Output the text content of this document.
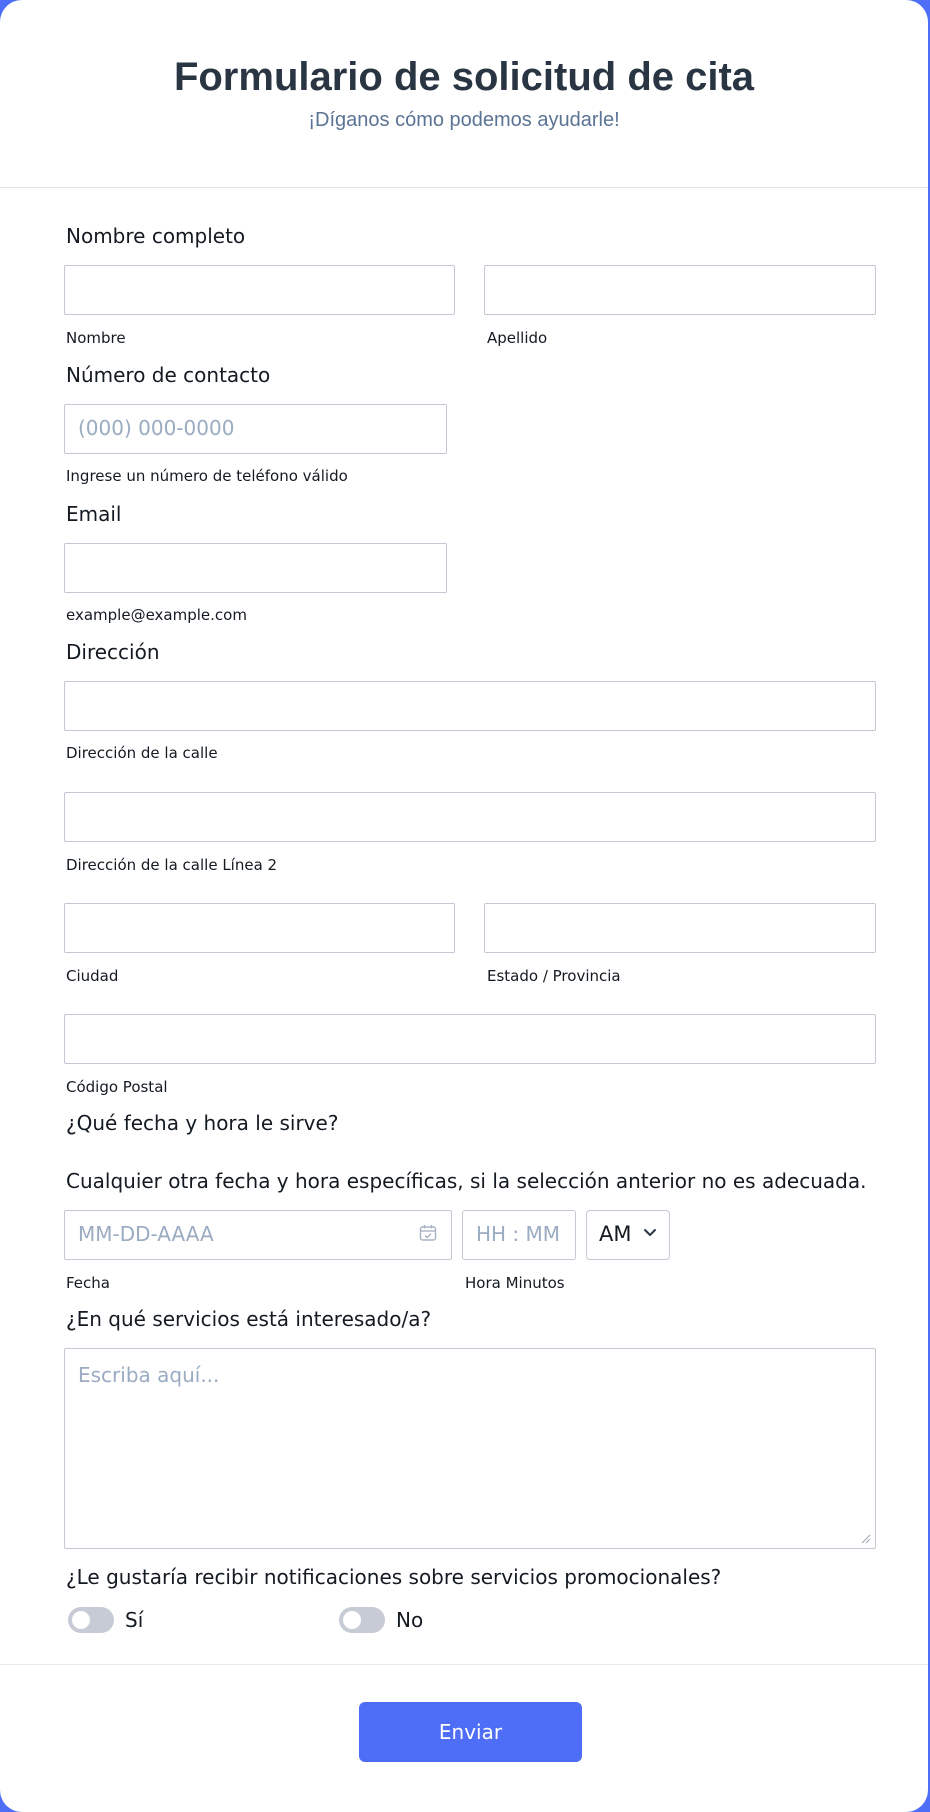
Formulario de solicitud de cita
¡Díganos cómo podemos ayudarle!
Nombre completo
Nombre	Apellido
Número de contacto
(000) 000-0000
Ingrese un número de teléfono válido
Email
example@example.com
Dirección
Dirección de la calle
Dirección de la calle Línea 2
Ciudad	Estado / Provincia
Código Postal
¿Qué fecha y hora le sirve?
Cualquier otra fecha y hora específicas, si la selección anterior no es adecuada.
MM-DD-AAAA	HH : MM AM
Fecha	Hora Minutos
¿En qué servicios está interesado/a?
Escriba aquí...
¿Le gustaría recibir notificaciones sobre servicios promocionales?
Sí	No
Enviar
